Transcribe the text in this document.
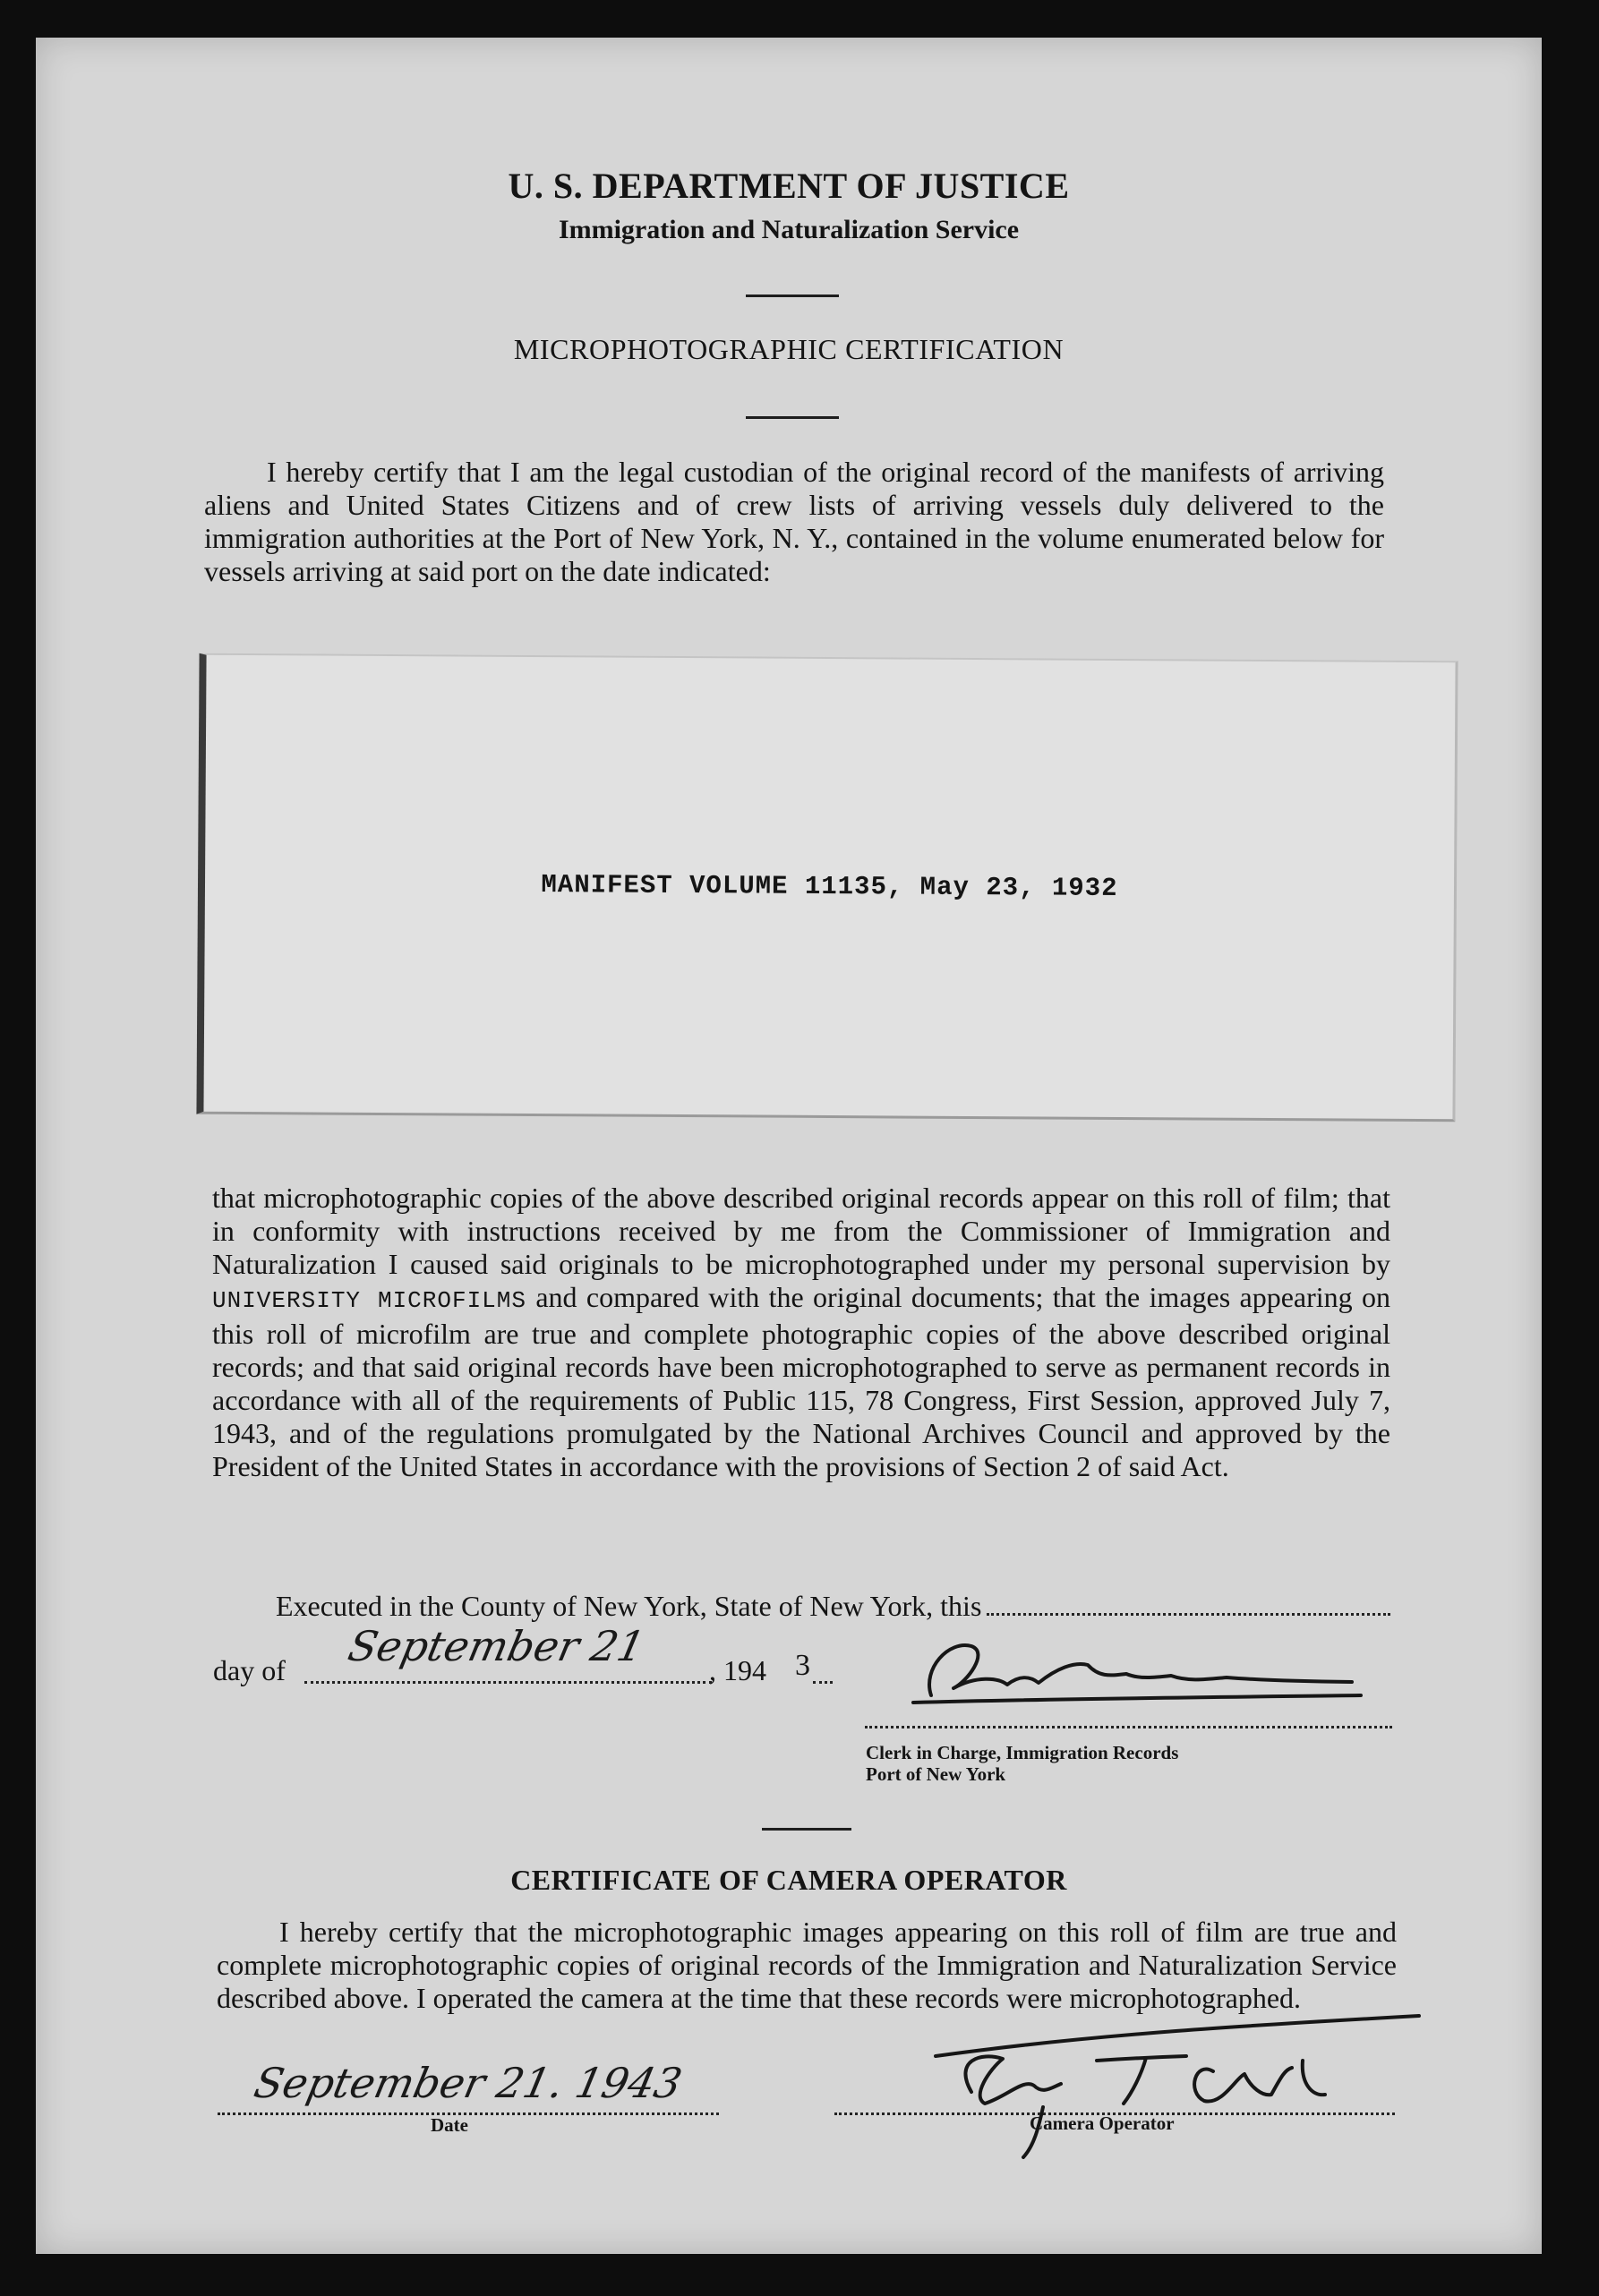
U. S. DEPARTMENT OF JUSTICE
Immigration and Naturalization Service
MICROPHOTOGRAPHIC CERTIFICATION

I hereby certify that I am the legal custodian of the original record of the manifests of arriving aliens and United States Citizens and of crew lists of arriving vessels duly delivered to the immigration authorities at the Port of New York, N. Y., contained in the volume enumerated below for vessels arriving at said port on the date indicated:

MANIFEST VOLUME 11135, May 23, 1932

that microphotographic copies of the above described original records appear on this roll of film; that in conformity with instructions received by me from the Commissioner of Immigration and Naturalization I caused said originals to be microphotographed under my personal supervision by UNIVERSITY MICROFILMS and compared with the original documents; that the images appearing on this roll of microfilm are true and complete photographic copies of the above described original records; and that said original records have been microphotographed to serve as permanent records in accordance with all of the requirements of Public 115, 78 Congress, First Session, approved July 7, 1943, and of the regulations promulgated by the National Archives Council and approved by the President of the United States in accordance with the provisions of Section 2 of said Act.

Executed in the County of New York, State of New York, this
day of September 21 , 194 3
Clerk in Charge, Immigration Records
Port of New York
CERTIFICATE OF CAMERA OPERATOR

I hereby certify that the microphotographic images appearing on this roll of film are true and complete microphotographic copies of original records of the Immigration and Naturalization Service described above. I operated the camera at the time that these records were microphotographed.

September 21. 1943
Date	Camera Operator
